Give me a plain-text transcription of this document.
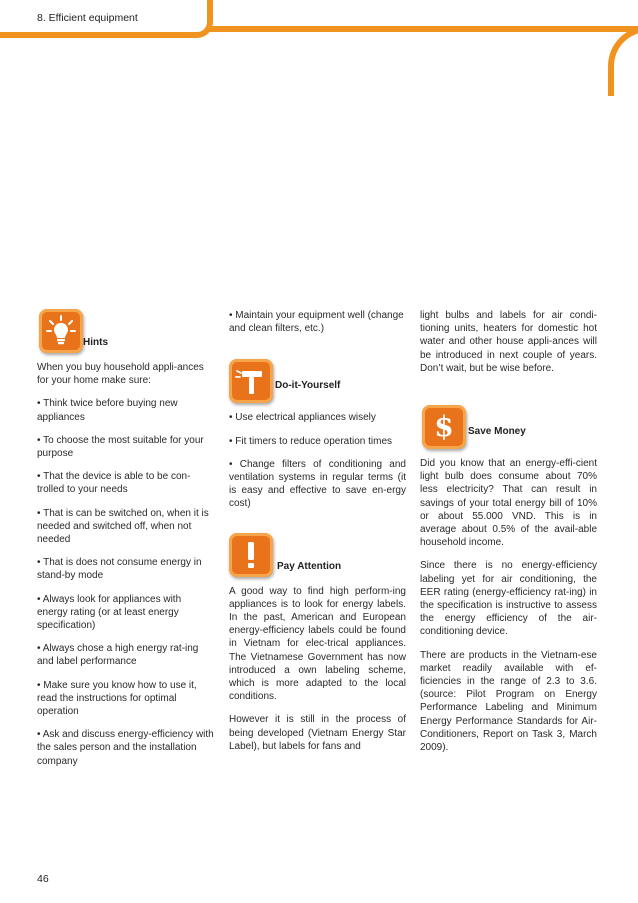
8. Efficient equipment
Hints

When you buy household appli-ances for your home make sure:

• Think twice before buying new appliances

• To choose the most suitable for your purpose

• That the device is able to be con-trolled to your needs

• That is can be switched on, when it is needed and switched off, when not needed

• That is does not consume energy in stand-by mode

• Always look for appliances with energy rating (or at least energy specification)

• Always chose a high energy rat-ing and label performance

• Make sure you know how to use it, read the instructions for optimal operation

• Ask and discuss energy-efficiency with the sales person and the installation company

• Maintain your equipment well (change and clean filters, etc.)

Do-it-Yourself

• Use electrical appliances wisely

• Fit timers to reduce operation times

• Change filters of conditioning and ventilation systems in regular terms (it is easy and effective to save en-ergy cost)

Pay Attention

A good way to find high perform-ing appliances is to look for energy labels. In the past, American and European energy-efficiency labels could be found in Vietnam for elec-trical appliances. The Vietnamese Government has now introduced a own labeling scheme, which is more adapted to the local conditions.

However it is still in the process of being developed (Vietnam Energy Star Label), but labels for fans and

light bulbs and labels for air condi-tioning units, heaters for domestic hot water and other house appli-ances will be introduced in next couple of years. Don’t wait, but be wise before.

$ Save Money

Did you know that an energy-effi-cient light bulb does consume about 70% less electricity? That can result in savings of your total energy bill of 10% or about 55.000 VND. This is in average about 0.5% of the avail-able household income.

Since there is no energy-efficiency labeling yet for air conditioning, the EER rating (energy-efficiency rat-ing) in the specification is instructive to assess the energy efficiency of the air-conditioning device.

There are products in the Vietnam-ese market readily available with ef-ficiencies in the range of 2.3 to 3.6. (source: Pilot Program on Energy Performance Labeling and Minimum Energy Performance Standards for Air-Conditioners, Report on Task 3, March 2009).

46
